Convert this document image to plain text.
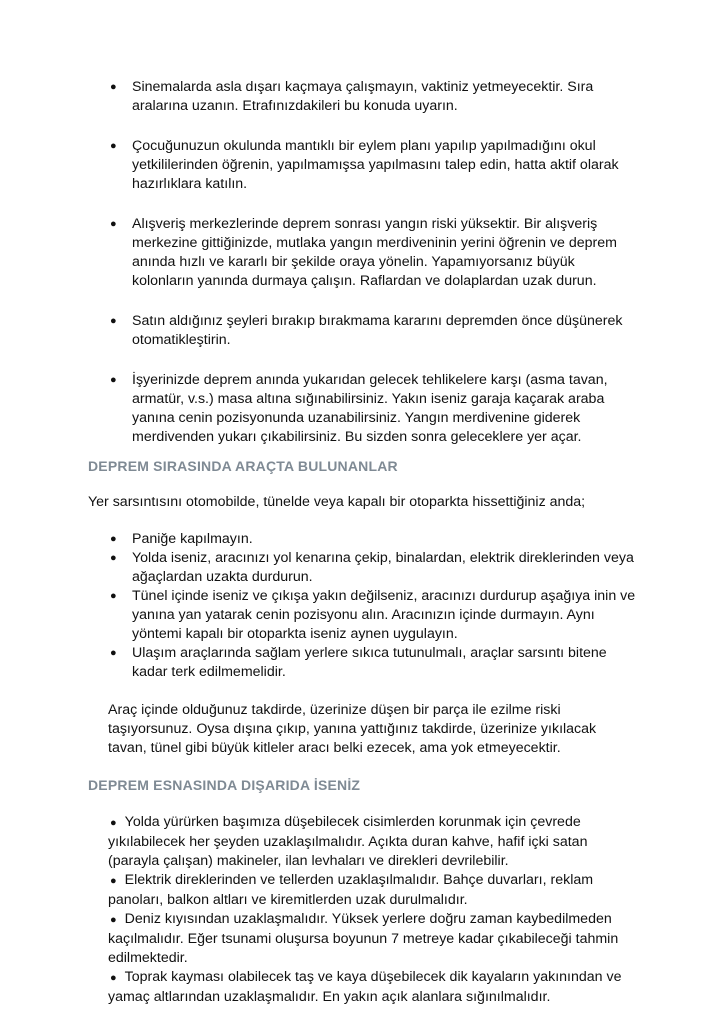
● Sinemalarda asla dışarı kaçmaya çalışmayın, vaktiniz yetmeyecektir. Sıra aralarına uzanın. Etrafınızdakileri bu konuda uyarın.
● Çocuğunuzun okulunda mantıklı bir eylem planı yapılıp yapılmadığını okul yetkililerinden öğrenin, yapılmamışsa yapılmasını talep edin, hatta aktif olarak hazırlıklara katılın.
● Alışveriş merkezlerinde deprem sonrası yangın riski yüksektir. Bir alışveriş merkezine gittiğinizde, mutlaka yangın merdiveninin yerini öğrenin ve deprem anında hızlı ve kararlı bir şekilde oraya yönelin. Yapamıyorsanız büyük kolonların yanında durmaya çalışın. Raflardan ve dolaplardan uzak durun.
● Satın aldığınız şeyleri bırakıp bırakmama kararını depremden önce düşünerek otomatikleştirin.
● İşyerinizde deprem anında yukarıdan gelecek tehlikelere karşı (asma tavan, armatür, v.s.) masa altına sığınabilirsiniz. Yakın iseniz garaja kaçarak araba yanına cenin pozisyonunda uzanabilirsiniz. Yangın merdivenine giderek merdivenden yukarı çıkabilirsiniz. Bu sizden sonra geleceklere yer açar.
DEPREM SIRASINDA ARAÇTA BULUNANLAR
Yer sarsıntısını otomobilde, tünelde veya kapalı bir otoparkta hissettiğiniz anda;
● Paniğe kapılmayın.
● Yolda iseniz, aracınızı yol kenarına çekip, binalardan, elektrik direklerinden veya ağaçlardan uzakta durdurun.
● Tünel içinde iseniz ve çıkışa yakın değilseniz, aracınızı durdurup aşağıya inin ve yanına yan yatarak cenin pozisyonu alın. Aracınızın içinde durmayın. Aynı yöntemi kapalı bir otoparkta iseniz aynen uygulayın.
● Ulaşım araçlarında sağlam yerlere sıkıca tutunulmalı, araçlar sarsıntı bitene kadar terk edilmemelidir.
Araç içinde olduğunuz takdirde, üzerinize düşen bir parça ile ezilme riski taşıyorsunuz. Oysa dışına çıkıp, yanına yattığınız takdirde, üzerinize yıkılacak tavan, tünel gibi büyük kitleler aracı belki ezecek, ama yok etmeyecektir.
DEPREM ESNASINDA DIŞARIDA İSENİZ
● Yolda yürürken başımıza düşebilecek cisimlerden korunmak için çevrede yıkılabilecek her şeyden uzaklaşılmalıdır. Açıkta duran kahve, hafif içki satan (parayla çalışan) makineler, ilan levhaları ve direkleri devrilebilir.
● Elektrik direklerinden ve tellerden uzaklaşılmalıdır. Bahçe duvarları, reklam panoları, balkon altları ve kiremitlerden uzak durulmalıdır.
● Deniz kıyısından uzaklaşmalıdır. Yüksek yerlere doğru zaman kaybedilmeden kaçılmalıdır. Eğer tsunami oluşursa boyunun 7 metreye kadar çıkabileceği tahmin edilmektedir.
● Toprak kayması olabilecek taş ve kaya düşebilecek dik kayaların yakınından ve yamaç altlarından uzaklaşmalıdır. En yakın açık alanlara sığınılmalıdır.
